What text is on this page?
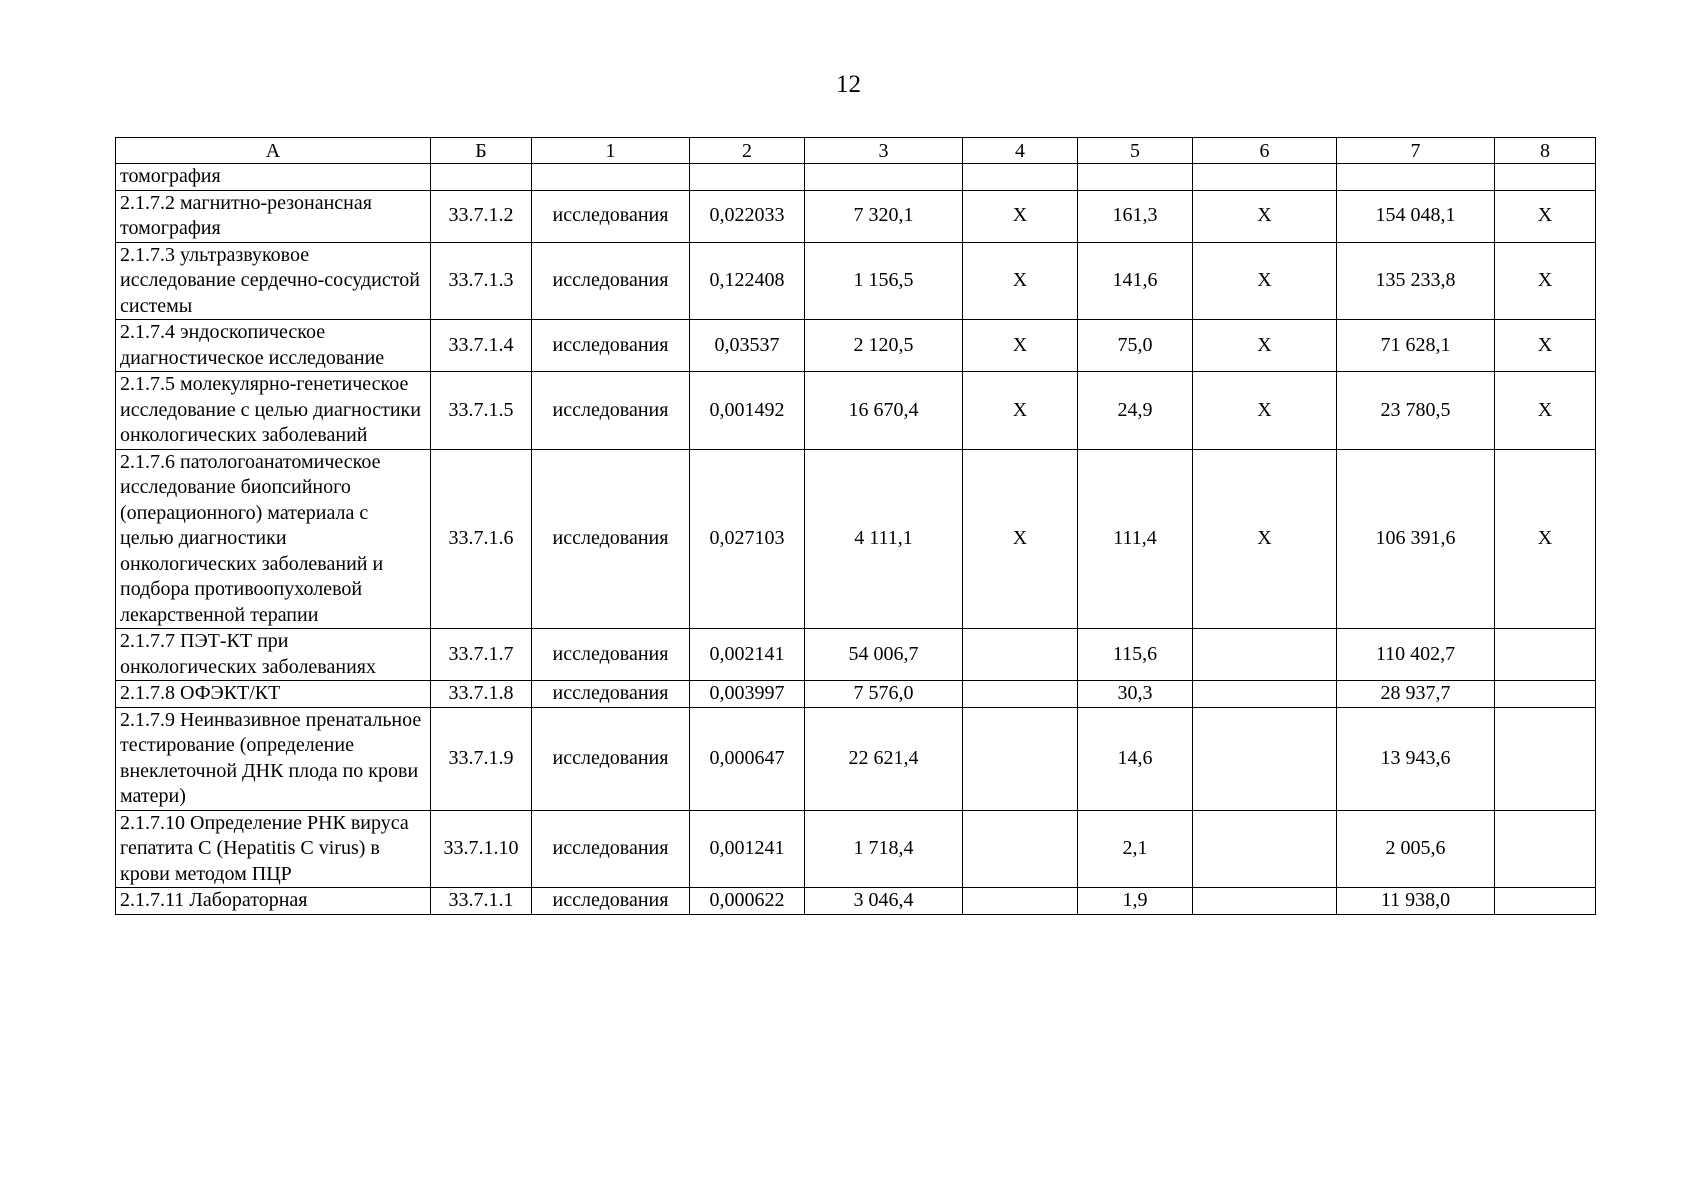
12
А	Б	1	2	3	4	5	6	7	8
томография									
2.1.7.2 магнитно-резонансная томография	33.7.1.2	исследования	0,022033	7 320,1	Х	161,3	Х	154 048,1	Х
2.1.7.3 ультразвуковое исследование сердечно-сосудистой системы	33.7.1.3	исследования	0,122408	1 156,5	Х	141,6	Х	135 233,8	Х
2.1.7.4 эндоскопическое диагностическое исследование	33.7.1.4	исследования	0,03537	2 120,5	Х	75,0	Х	71 628,1	Х
2.1.7.5 молекулярно-генетическое исследование с целью диагностики онкологических заболеваний	33.7.1.5	исследования	0,001492	16 670,4	Х	24,9	Х	23 780,5	Х
2.1.7.6 патологоанатомическое исследование биопсийного (операционного) материала с целью диагностики онкологических заболеваний и подбора противоопухолевой лекарственной терапии	33.7.1.6	исследования	0,027103	4 111,1	Х	111,4	Х	106 391,6	Х
2.1.7.7 ПЭТ-КТ при онкологических заболеваниях	33.7.1.7	исследования	0,002141	54 006,7		115,6		110 402,7	
2.1.7.8 ОФЭКТ/КТ	33.7.1.8	исследования	0,003997	7 576,0		30,3		28 937,7	
2.1.7.9 Неинвазивное пренатальное тестирование (определение внеклеточной ДНК плода по крови матери)	33.7.1.9	исследования	0,000647	22 621,4		14,6		13 943,6	
2.1.7.10 Определение РНК вируса гепатита C (Hepatitis C virus) в крови методом ПЦР	33.7.1.10	исследования	0,001241	1 718,4		2,1		2 005,6	
2.1.7.11 Лабораторная	33.7.1.1	исследования	0,000622	3 046,4		1,9		11 938,0	
